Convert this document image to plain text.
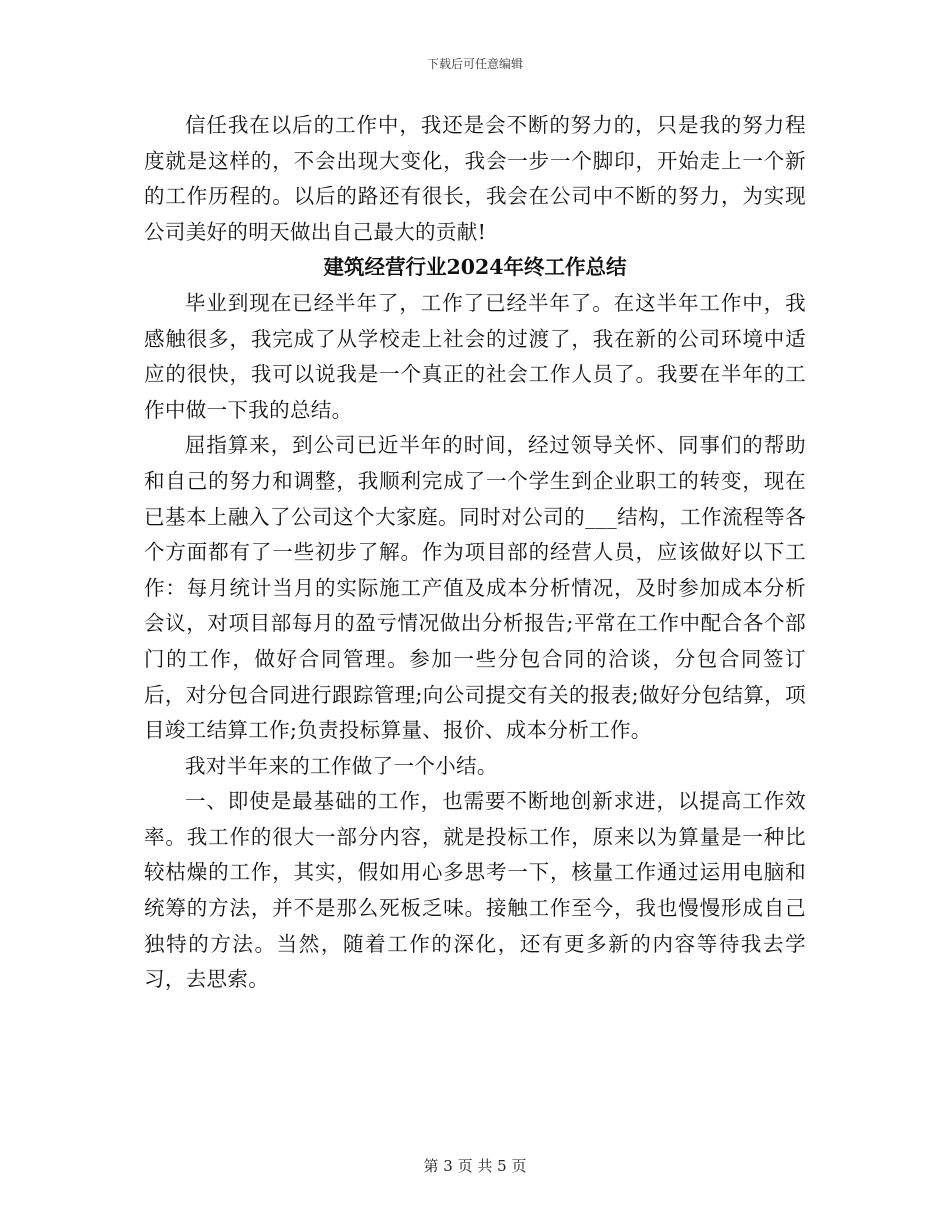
下载后可任意编辑

信任我在以后的工作中，我还是会不断的努力的，只是我的努力程度就是这样的，不会出现大变化，我会一步一个脚印，开始走上一个新的工作历程的。以后的路还有很长，我会在公司中不断的努力，为实现公司美好的明天做出自己最大的贡献!

建筑经营行业2024年终工作总结

毕业到现在已经半年了，工作了已经半年了。在这半年工作中，我感触很多，我完成了从学校走上社会的过渡了，我在新的公司环境中适应的很快，我可以说我是一个真正的社会工作人员了。我要在半年的工作中做一下我的总结。

屈指算来，到公司已近半年的时间，经过领导关怀、同事们的帮助和自己的努力和调整，我顺利完成了一个学生到企业职工的转变，现在已基本上融入了公司这个大家庭。同时对公司的___结构，工作流程等各个方面都有了一些初步了解。作为项目部的经营人员，应该做好以下工作：每月统计当月的实际施工产值及成本分析情况，及时参加成本分析会议，对项目部每月的盈亏情况做出分析报告;平常在工作中配合各个部门的工作，做好合同管理。参加一些分包合同的洽谈，分包合同签订后，对分包合同进行跟踪管理;向公司提交有关的报表;做好分包结算，项目竣工结算工作;负责投标算量、报价、成本分析工作。

我对半年来的工作做了一个小结。

一、即使是最基础的工作，也需要不断地创新求进，以提高工作效率。我工作的很大一部分内容，就是投标工作，原来以为算量是一种比较枯燥的工作，其实，假如用心多思考一下，核量工作通过运用电脑和统筹的方法，并不是那么死板乏味。接触工作至今，我也慢慢形成自己独特的方法。当然，随着工作的深化，还有更多新的内容等待我去学习，去思索。

第 3 页 共 5 页
